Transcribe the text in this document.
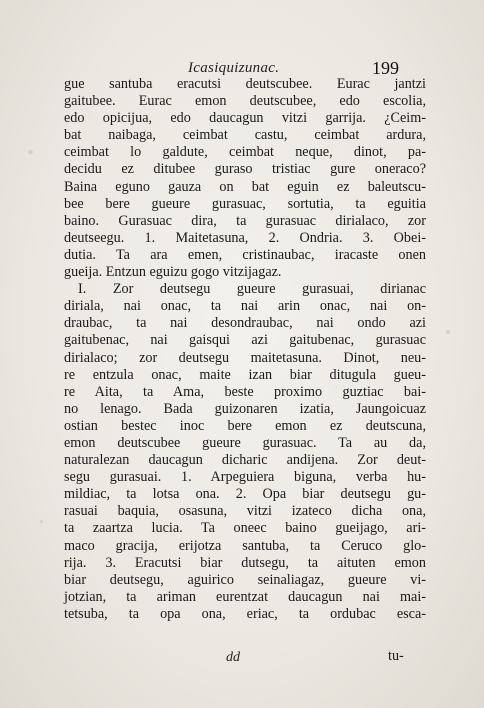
Icasiquizunac.	199
gue santuba eracutsi deutscubee. Eurac jantzi
gaitubee. Eurac emon deutscubee, edo escolia,
edo opicijua, edo daucagun vitzi garrija. ¿Ceim-
bat naibaga, ceimbat castu, ceimbat ardura,
ceimbat lo galdute, ceimbat neque, dinot, pa-
decidu ez ditubee guraso tristiac gure oneraco?
Baina eguno gauza on bat eguin ez baleutscu-
bee bere gueure gurasuac, sortutia, ta eguitia
baino. Gurasuac dira, ta gurasuac dirialaco, zor
deutseegu. 1. Maitetasuna, 2. Ondria. 3. Obei-
dutia. Ta ara emen, cristinaubac, iracaste onen
gueija. Entzun eguizu gogo vitzijagaz.
I. Zor deutsegu gueure gurasuai, dirianac
diriala, nai onac, ta nai arin onac, nai on-
draubac, ta nai desondraubac, nai ondo azi
gaitubenac, nai gaisqui azi gaitubenac, gurasuac
dirialaco; zor deutsegu maitetasuna. Dinot, neu-
re entzula onac, maite izan biar ditugula gueu-
re Aita, ta Ama, beste proximo guztiac bai-
no lenago. Bada guizonaren izatia, Jaungoicuaz
ostian bestec inoc bere emon ez deutscuna,
emon deutscubee gueure gurasuac. Ta au da,
naturalezan daucagun dicharic andijena. Zor deut-
segu gurasuai. 1. Arpeguiera biguna, verba hu-
mildiac, ta lotsa ona. 2. Opa biar deutsegu gu-
rasuai baquia, osasuna, vitzi izateco dicha ona,
ta zaartza lucia. Ta oneec baino gueijago, ari-
maco gracija, erijotza santuba, ta Ceruco glo-
rija. 3. Eracutsi biar dutsegu, ta aituten emon
biar deutsegu, aguirico seinaliagaz, gueure vi-
jotzian, ta ariman eurentzat daucagun nai mai-
tetsuba, ta opa ona, eriac, ta ordubac esca-
dd	tu-
